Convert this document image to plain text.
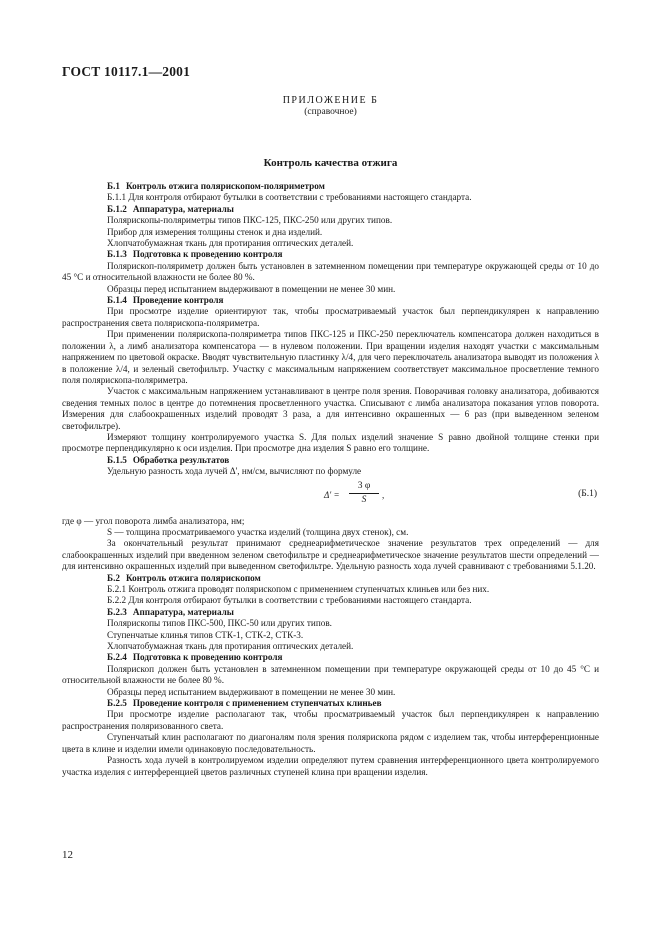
ГОСТ 10117.1—2001
ПРИЛОЖЕНИЕ Б
(справочное)
Контроль качества отжига

Б.1 Контроль отжига полярископом-поляриметром

Б.1.1 Для контроля отбирают бутылки в соответствии с требованиями настоящего стандарта.

Б.1.2 Аппаратура, материалы

Полярископы-поляриметры типов ПКС-125, ПКС-250 или других типов.

Прибор для измерения толщины стенок и дна изделий.

Хлопчатобумажная ткань для протирания оптических деталей.

Б.1.3 Подготовка к проведению контроля

Полярископ-поляриметр должен быть установлен в затемненном помещении при температуре окружающей среды от 10 до 45 °С и относительной влажности не более 80 %.

Образцы перед испытанием выдерживают в помещении не менее 30 мин.

Б.1.4 Проведение контроля

При просмотре изделие ориентируют так, чтобы просматриваемый участок был перпендикулярен к направлению распространения света полярископа-поляриметра.

При применении полярископа-поляриметра типов ПКС-125 и ПКС-250 переключатель компенсатора должен находиться в положении λ, а лимб анализатора компенсатора — в нулевом положении. При вращении изделия находят участки с максимальным напряжением по цветовой окраске. Вводят чувствительную пластинку λ/4, для чего переключатель анализатора выводят из положения λ в положение λ/4, и зеленый светофильтр. Участку с максимальным напряжением соответствует максимальное просветление темного поля полярископа-поляриметра.

Участок с максимальным напряжением устанавливают в центре поля зрения. Поворачивая головку анализатора, добиваются сведения темных полос в центре до потемнения просветленного участка. Списывают с лимба анализатора показания углов поворота. Измерения для слабоокрашенных изделий проводят 3 раза, а для интенсивно окрашенных — 6 раз (при выведенном зеленом светофильтре).

Измеряют толщину контролируемого участка S. Для полых изделий значение S равно двойной толщине стенки при просмотре перпендикулярно к оси изделия. При просмотре дна изделия S равно его толщине.

Б.1.5 Обработка результатов

Удельную разность хода лучей Δ', нм/см, вычисляют по формуле

$\Delta' = \frac{3 \varphi}{S}$ ,	(Б.1)

где φ — угол поворота лимба анализатора, нм;

S — толщина просматриваемого участка изделий (толщина двух стенок), см.

За окончательный результат принимают среднеарифметическое значение результатов трех определений — для слабоокрашенных изделий при введенном зеленом светофильтре и среднеарифметическое значение результатов шести определений — для интенсивно окрашенных изделий при выведенном светофильтре. Удельную разность хода лучей сравнивают с требованиями 5.1.20.

Б.2 Контроль отжига полярископом

Б.2.1 Контроль отжига проводят полярископом с применением ступенчатых клиньев или без них.

Б.2.2 Для контроля отбирают бутылки в соответствии с требованиями настоящего стандарта.

Б.2.3 Аппаратура, материалы

Полярископы типов ПКС-500, ПКС-50 или других типов.

Ступенчатые клинья типов СТК-1, СТК-2, СТК-3.

Хлопчатобумажная ткань для протирания оптических деталей.

Б.2.4 Подготовка к проведению контроля

Полярископ должен быть установлен в затемненном помещении при температуре окружающей среды от 10 до 45 °С и относительной влажности не более 80 %.

Образцы перед испытанием выдерживают в помещении не менее 30 мин.

Б.2.5 Проведение контроля с применением ступенчатых клиньев

При просмотре изделие располагают так, чтобы просматриваемый участок был перпендикулярен к направлению распространения поляризованного света.

Ступенчатый клин располагают по диагоналям поля зрения полярископа рядом с изделием так, чтобы интерференционные цвета в клине и изделии имели одинаковую последовательность.

Разность хода лучей в контролируемом изделии определяют путем сравнения интерференционного цвета контролируемого участка изделия с интерференцией цветов различных ступеней клина при вращении изделия.

12
